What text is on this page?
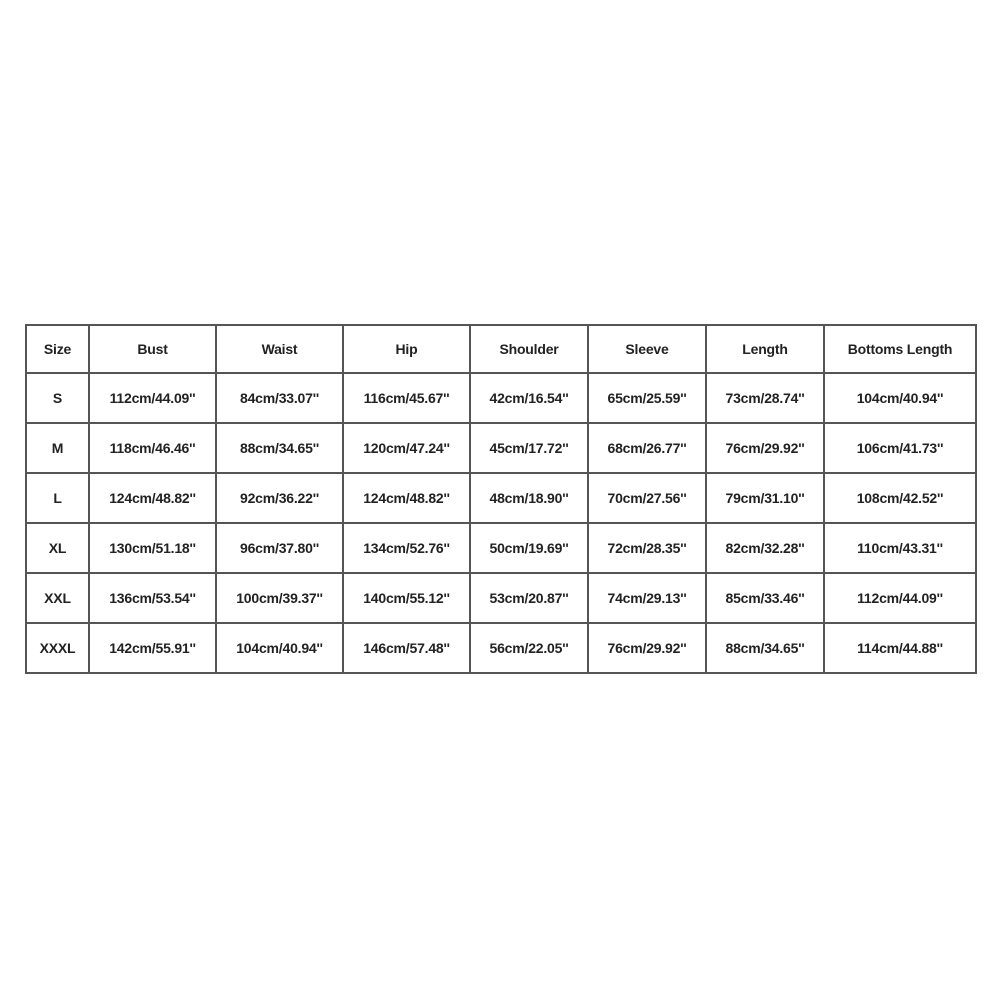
Size	Bust	Waist	Hip	Shoulder	Sleeve	Length	Bottoms Length
S	112cm/44.09''	84cm/33.07''	116cm/45.67''	42cm/16.54''	65cm/25.59''	73cm/28.74''	104cm/40.94''
M	118cm/46.46''	88cm/34.65''	120cm/47.24''	45cm/17.72''	68cm/26.77''	76cm/29.92''	106cm/41.73''
L	124cm/48.82''	92cm/36.22''	124cm/48.82''	48cm/18.90''	70cm/27.56''	79cm/31.10''	108cm/42.52''
XL	130cm/51.18''	96cm/37.80''	134cm/52.76''	50cm/19.69''	72cm/28.35''	82cm/32.28''	110cm/43.31''
XXL	136cm/53.54''	100cm/39.37''	140cm/55.12''	53cm/20.87''	74cm/29.13''	85cm/33.46''	112cm/44.09''
XXXL	142cm/55.91''	104cm/40.94''	146cm/57.48''	56cm/22.05''	76cm/29.92''	88cm/34.65''	114cm/44.88''
